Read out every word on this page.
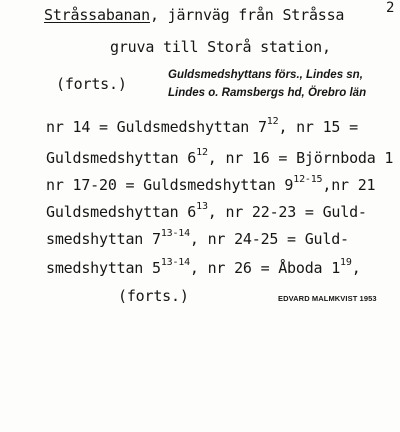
2
Stråssabanan, järnväg från Stråssa
gruva till Storå station,
(forts.)	Guldsmedshyttans förs., Lindes sn,
Lindes o. Ramsbergs hd, Örebro län
nr 14 = Guldsmedshyttan $7^{12}$, nr 15 =
Guldsmedshyttan $6^{12}$, nr 16 = Björnboda 1
nr 17-20 = Guldsmedshyttan 9$^{12-15}$,nr 21
Guldsmedshyttan $6^{13}$, nr 22-23 = Guld-
smedshyttan 7$^{13-14}$, nr 24-25 = Guld-
smedshyttan 5$^{13-14}$, nr 26 = Åboda $1^{19}$,
(forts.)	EDVARD MALMKVIST 1953
